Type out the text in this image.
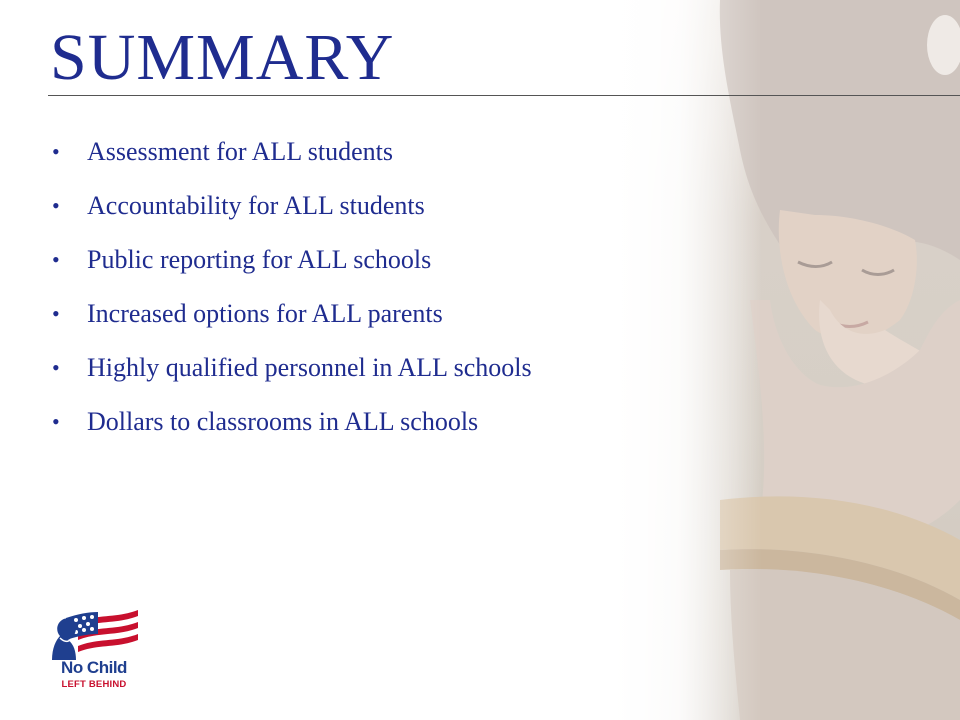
SUMMARY
•	Assessment for ALL students
•	Accountability for ALL students
•	Public reporting for ALL schools
•	Increased options for ALL parents
•	Highly qualified personnel in ALL schools
•	Dollars to classrooms in ALL schools
No Child
LEFT BEHIND
